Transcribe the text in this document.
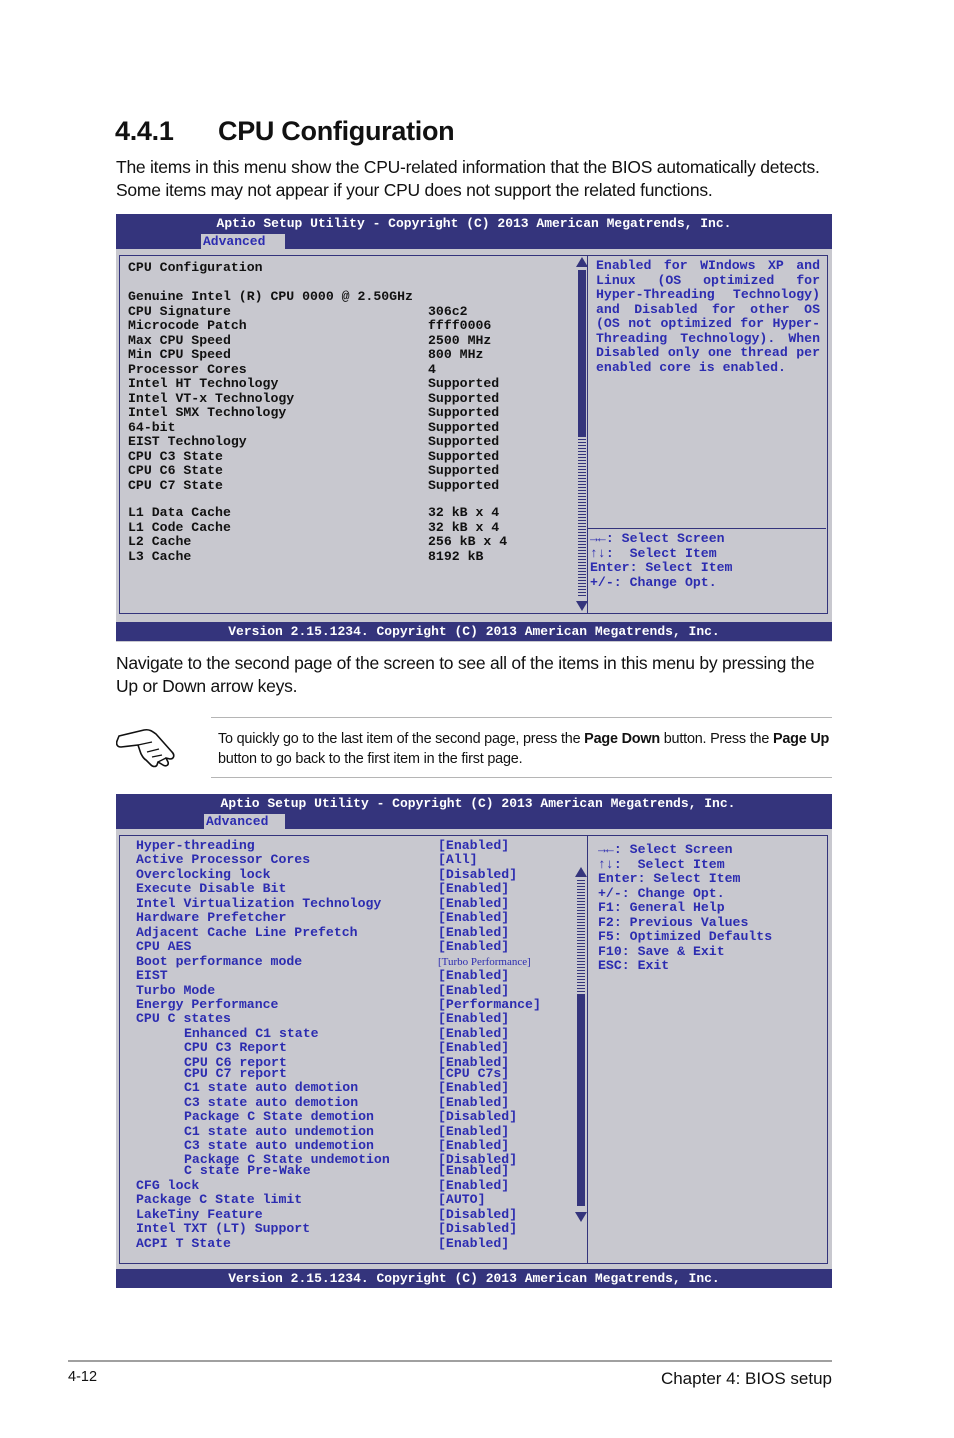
4.4.1 CPU Configuration
The items in this menu show the CPU-related information that the BIOS automatically detects. Some items may not appear if your CPU does not support the related functions.
Aptio Setup Utility - Copyright (C) 2013 American Megatrends, Inc.
Advanced
CPU Configuration
Genuine Intel (R) CPU 0000 @ 2.50GHz
Enabled for WIndows XP and Linux (OS optimized for Hyper-Threading Technology) and Disabled for other OS (OS not optimized for Hyper-Threading Technology). When Disabled only one thread per enabled core is enabled.
Version 2.15.1234. Copyright (C) 2013 American Megatrends, Inc.
CPU Signature	306c2
Microcode Patch	ffff0006
Max CPU Speed	2500 MHz
Min CPU Speed	800 MHz
Processor Cores	4
Intel HT Technology	Supported
Intel VT-x Technology	Supported
Intel SMX Technology	Supported
64-bit	Supported
EIST Technology	Supported
CPU C3 State	Supported
CPU C6 State	Supported
CPU C7 State	Supported
L1 Data Cache	32 kB x 4
L1 Code Cache	32 kB x 4
L2 Cache	256 kB x 4
L3 Cache	8192 kB
→←: Select Screen
↑↓:  Select Item
Enter: Select Item
+/-: Change Opt.
Navigate to the second page of the screen to see all of the items in this menu by pressing the Up or Down arrow keys.
To quickly go to the last item of the second page, press the Page Down button. Press the Page Up button to go back to the first item in the first page.
Aptio Setup Utility - Copyright (C) 2013 American Megatrends, Inc.
Advanced
Version 2.15.1234. Copyright (C) 2013 American Megatrends, Inc.
Hyper-threading	[Enabled]
Active Processor Cores	[All]
Overclocking lock	[Disabled]
Execute Disable Bit	[Enabled]
Intel Virtualization Technology	[Enabled]
Hardware Prefetcher	[Enabled]
Adjacent Cache Line Prefetch	[Enabled]
CPU AES	[Enabled]
Boot performance mode	[Turbo Performance]
EIST	[Enabled]
Turbo Mode	[Enabled]
Energy Performance	[Performance]
CPU C states	[Enabled]
Enhanced C1 state	[Enabled]
CPU C3 Report	[Enabled]
CPU C6 report	[Enabled]
CPU C7 report	[CPU C7s]
C1 state auto demotion	[Enabled]
C3 state auto demotion	[Enabled]
Package C State demotion	[Disabled]
C1 state auto undemotion	[Enabled]
C3 state auto undemotion	[Enabled]
Package C State undemotion	[Disabled]
C state Pre-Wake	[Enabled]
CFG lock	[Enabled]
Package C State limit	[AUTO]
LakeTiny Feature	[Disabled]
Intel TXT (LT) Support	[Disabled]
ACPI T State	[Enabled]
→←: Select Screen
↑↓:  Select Item
Enter: Select Item
+/-: Change Opt.
F1: General Help
F2: Previous Values
F5: Optimized Defaults
F10: Save & Exit
ESC: Exit
4-12	Chapter 4: BIOS setup
